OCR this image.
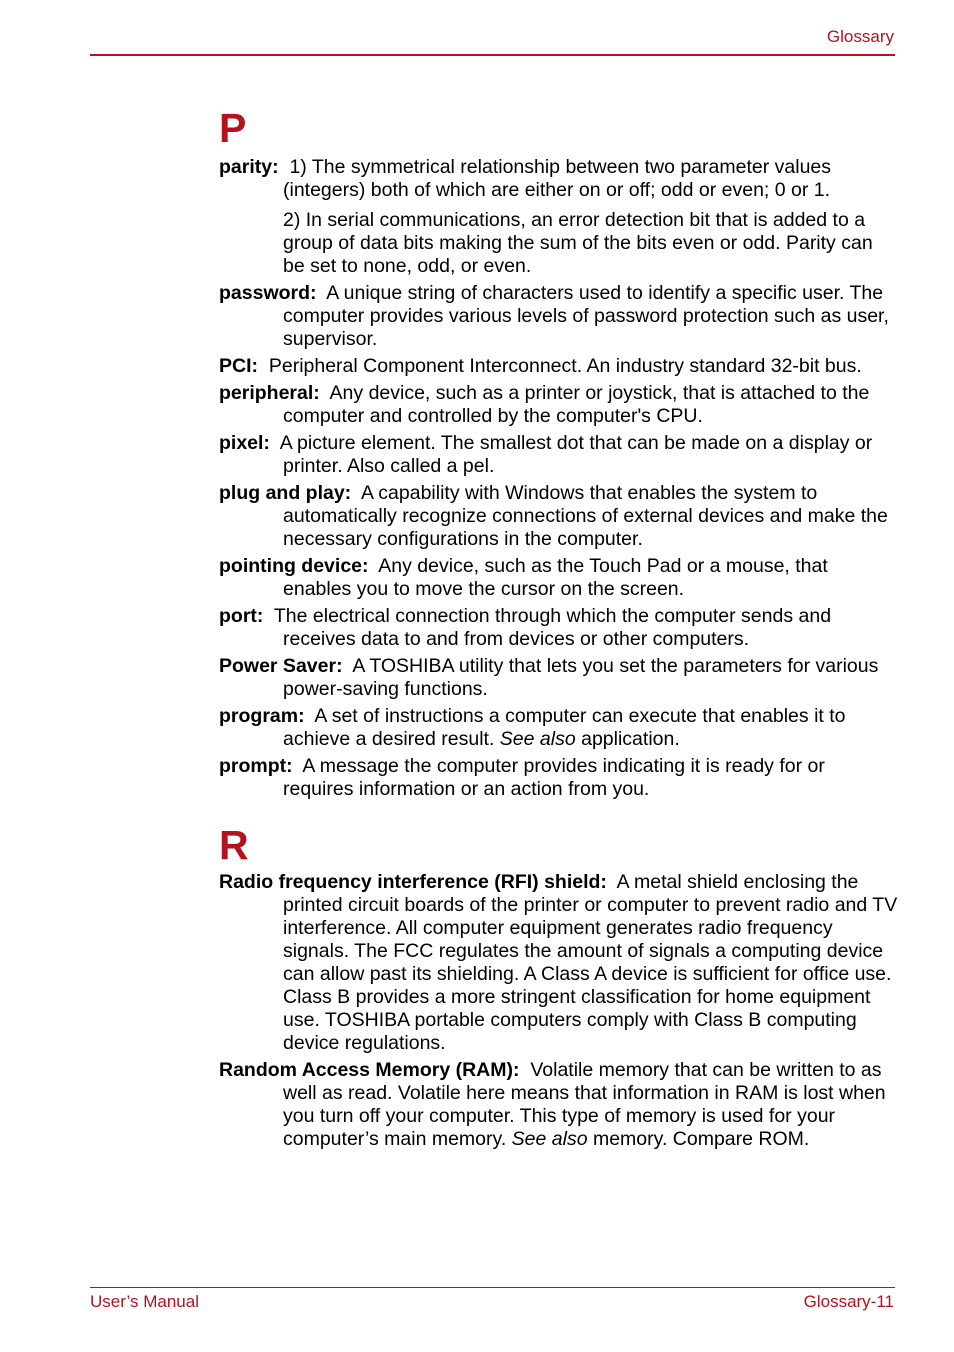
Glossary
P

parity: 1) The symmetrical relationship between two parameter values (integers) both of which are either on or off; odd or even; 0 or 1.

2) In serial communications, an error detection bit that is added to a group of data bits making the sum of the bits even or odd. Parity can be set to none, odd, or even.

password: A unique string of characters used to identify a specific user. The computer provides various levels of password protection such as user, supervisor.

PCI: Peripheral Component Interconnect. An industry standard 32-bit bus.

peripheral: Any device, such as a printer or joystick, that is attached to the computer and controlled by the computer's CPU.

pixel: A picture element. The smallest dot that can be made on a display or printer. Also called a pel.

plug and play: A capability with Windows that enables the system to automatically recognize connections of external devices and make the necessary configurations in the computer.

pointing device: Any device, such as the Touch Pad or a mouse, that enables you to move the cursor on the screen.

port: The electrical connection through which the computer sends and receives data to and from devices or other computers.

Power Saver: A TOSHIBA utility that lets you set the parameters for various power-saving functions.

program: A set of instructions a computer can execute that enables it to achieve a desired result. See also application.

prompt: A message the computer provides indicating it is ready for or requires information or an action from you.

R

Radio frequency interference (RFI) shield: A metal shield enclosing the printed circuit boards of the printer or computer to prevent radio and TV interference. All computer equipment generates radio frequency signals. The FCC regulates the amount of signals a computing device can allow past its shielding. A Class A device is sufficient for office use. Class B provides a more stringent classification for home equipment use. TOSHIBA portable computers comply with Class B computing device regulations.

Random Access Memory (RAM): Volatile memory that can be written to as well as read. Volatile here means that information in RAM is lost when you turn off your computer. This type of memory is used for your computer’s main memory. See also memory. Compare ROM.

User’s Manual	Glossary-11
